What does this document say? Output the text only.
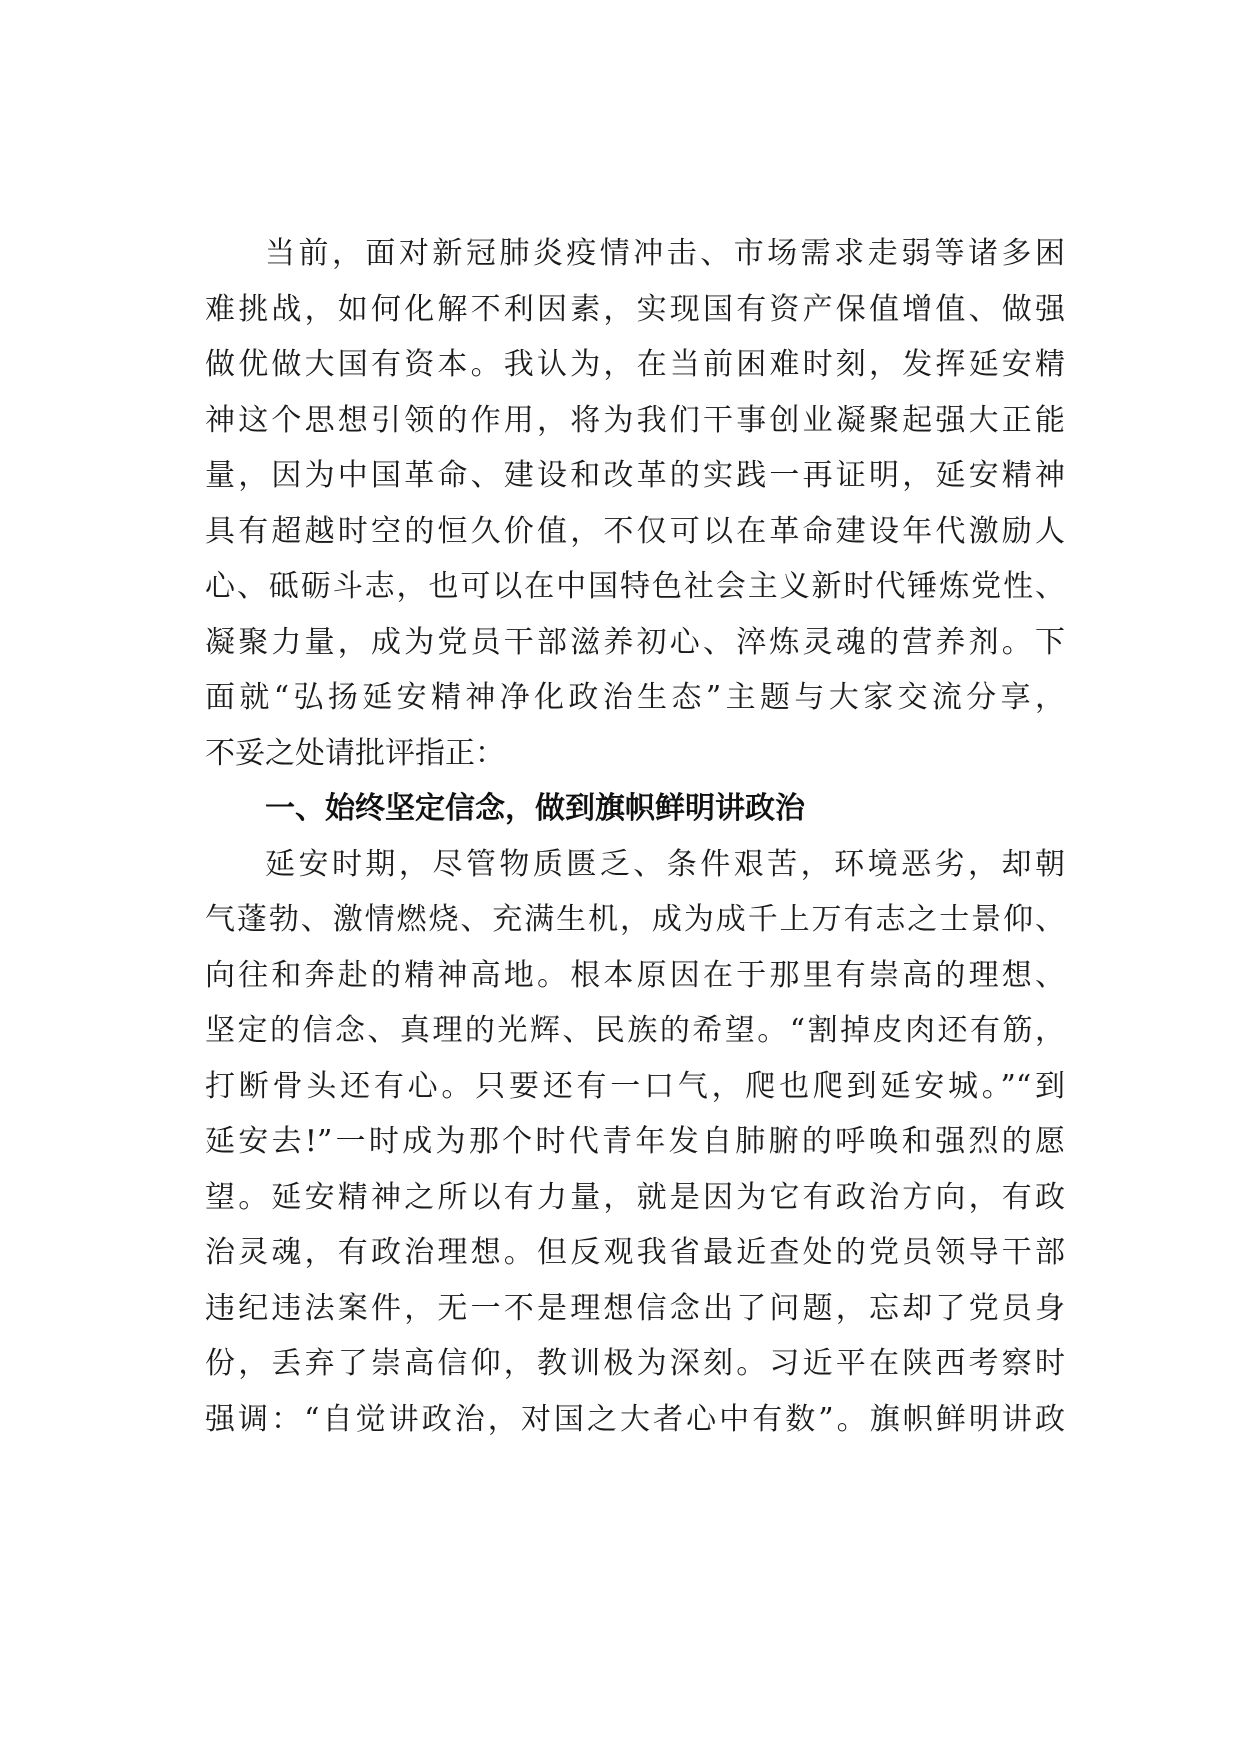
当前，面对新冠肺炎疫情冲击、市场需求走弱等诸多困
难挑战，如何化解不利因素，实现国有资产保值增值、做强
做优做大国有资本。我认为，在当前困难时刻，发挥延安精
神这个思想引领的作用，将为我们干事创业凝聚起强大正能
量，因为中国革命、建设和改革的实践一再证明，延安精神
具有超越时空的恒久价值，不仅可以在革命建设年代激励人
心、砥砺斗志，也可以在中国特色社会主义新时代锤炼党性、
凝聚力量，成为党员干部滋养初心、淬炼灵魂的营养剂。下
面就“弘扬延安精神净化政治生态”主题与大家交流分享，
不妥之处请批评指正：
一、始终坚定信念，做到旗帜鲜明讲政治
延安时期，尽管物质匮乏、条件艰苦，环境恶劣，却朝
气蓬勃、激情燃烧、充满生机，成为成千上万有志之士景仰、
向往和奔赴的精神高地。根本原因在于那里有崇高的理想、
坚定的信念、真理的光辉、民族的希望。“割掉皮肉还有筋，
打断骨头还有心。只要还有一口气，爬也爬到延安城。”“到
延安去!”一时成为那个时代青年发自肺腑的呼唤和强烈的愿
望。延安精神之所以有力量，就是因为它有政治方向，有政
治灵魂，有政治理想。但反观我省最近查处的党员领导干部
违纪违法案件，无一不是理想信念出了问题，忘却了党员身
份，丢弃了崇高信仰，教训极为深刻。习近平在陕西考察时
强调：“自觉讲政治，对国之大者心中有数”。旗帜鲜明讲政
